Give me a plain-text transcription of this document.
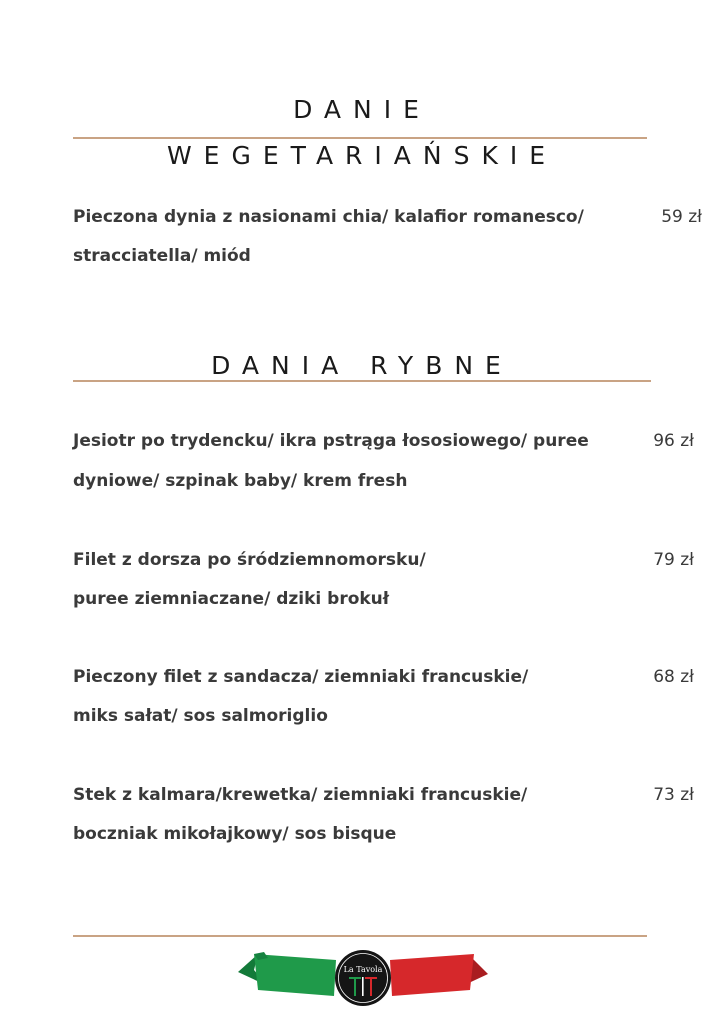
DANIE
WEGETARIAŃSKIE
Pieczona dynia z nasionami chia/ kalafior romanesco/
stracciatella/ miód
59 zł
DANIA RYBNE
Jesiotr po trydencku/ ikra pstrąga łososiowego/ puree
dyniowe/ szpinak baby/ krem fresh
96 zł
Filet z dorsza po śródziemnomorsku/
puree ziemniaczane/ dziki brokuł
79 zł
Pieczony filet z sandacza/ ziemniaki francuskie/
miks sałat/ sos salmoriglio
68 zł
Stek z kalmara/krewetka/ ziemniaki francuskie/
boczniak mikołajkowy/ sos bisque
73 zł
La Tavola
